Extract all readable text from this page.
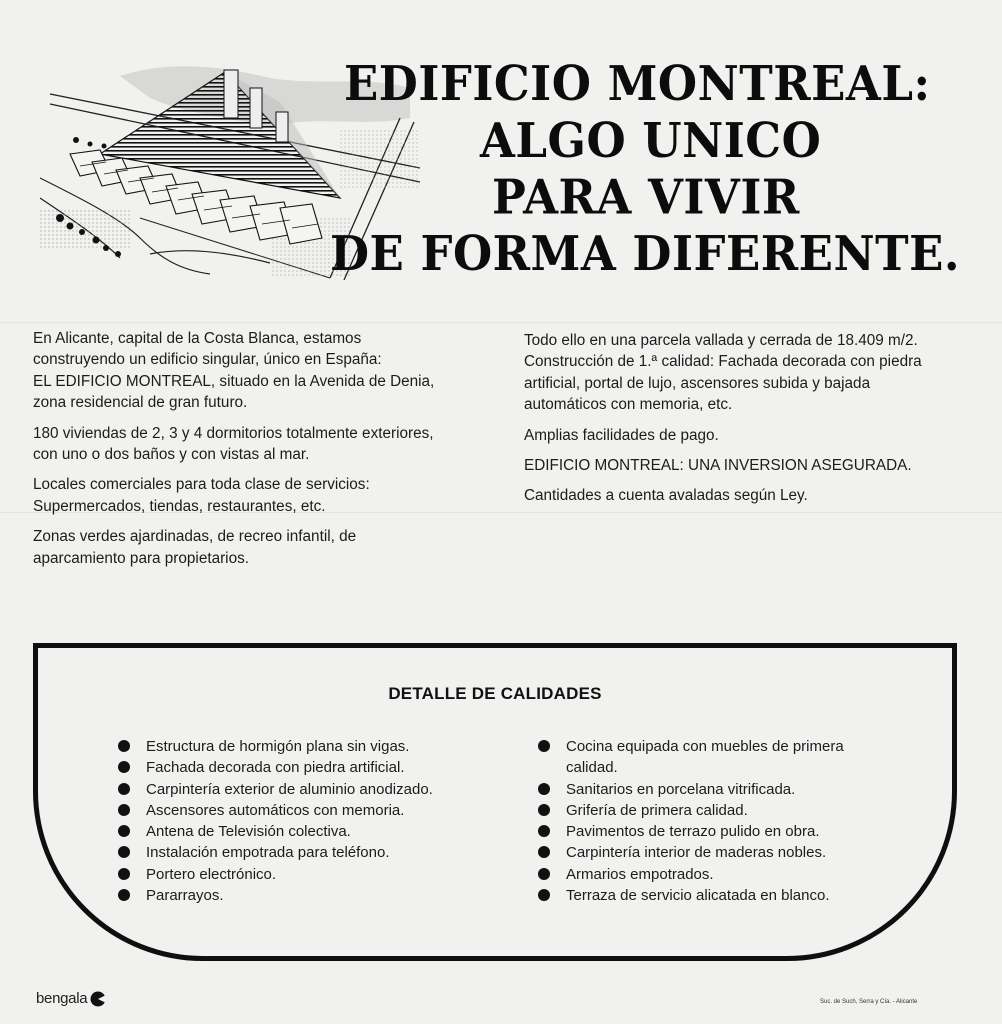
EDIFICIO MONTREAL:
ALGO UNICO
PARA VIVIR
DE FORMA DIFERENTE.

En Alicante, capital de la Costa Blanca, estamos
construyendo un edificio singular, único en España:
EL EDIFICIO MONTREAL, situado en la Avenida de Denia,
zona residencial de gran futuro.

180 viviendas de 2, 3 y 4 dormitorios totalmente exteriores,
con uno o dos baños y con vistas al mar.

Locales comerciales para toda clase de servicios:
Supermercados, tiendas, restaurantes, etc.

Zonas verdes ajardinadas, de recreo infantil, de
aparcamiento para propietarios.

Todo ello en una parcela vallada y cerrada de 18.409 m/2.
Construcción de 1.ª calidad: Fachada decorada con piedra
artificial, portal de lujo, ascensores subida y bajada
automáticos con memoria, etc.

Amplias facilidades de pago.

EDIFICIO MONTREAL: UNA INVERSION ASEGURADA.

Cantidades a cuenta avaladas según Ley.

DETALLE DE CALIDADES
Estructura de hormigón plana sin vigas.
Fachada decorada con piedra artificial.
Carpintería exterior de aluminio anodizado.
Ascensores automáticos con memoria.
Antena de Televisión colectiva.
Instalación empotrada para teléfono.
Portero electrónico.
Pararrayos.
Cocina equipada con muebles de primera
calidad.
Sanitarios en porcelana vitrificada.
Grifería de primera calidad.
Pavimentos de terrazo pulido en obra.
Carpintería interior de maderas nobles.
Armarios empotrados.
Terraza de servicio alicatada en blanco.
bengala	Suc. de Such, Serra y Cía. - Alicante
